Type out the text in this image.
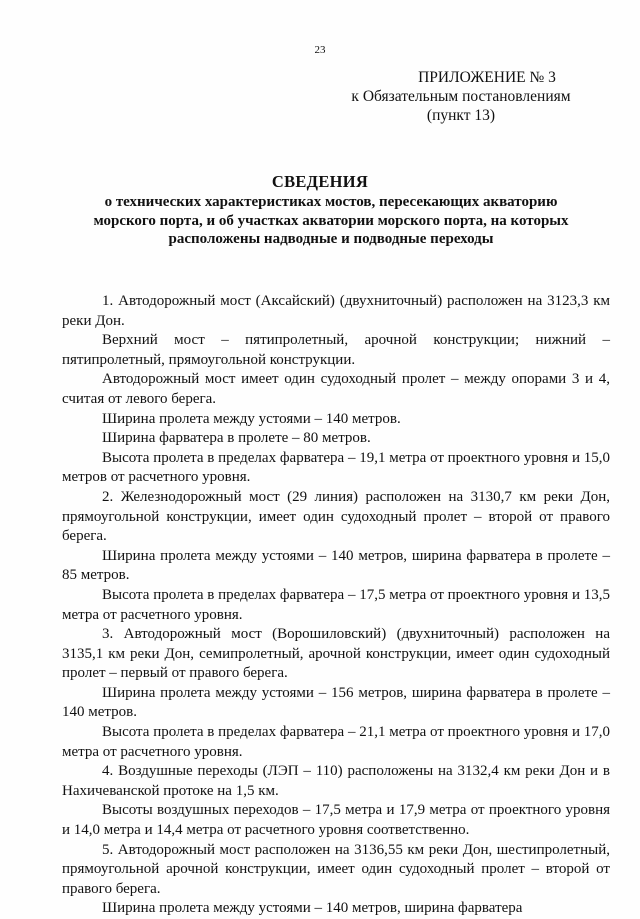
23
ПРИЛОЖЕНИЕ № 3
к Обязательным постановлениям
(пункт 13)
СВЕДЕНИЯ
о технических характеристиках мостов, пересекающих акваторию морского порта, и об участках акватории морского порта, на которых расположены надводные и подводные переходы

1. Автодорожный мост (Аксайский) (двухниточный) расположен на 3123,3 км реки Дон.

Верхний мост – пятипролетный, арочной конструкции; нижний – пятипролетный, прямоугольной конструкции.

Автодорожный мост имеет один судоходный пролет – между опорами 3 и 4, считая от левого берега.

Ширина пролета между устоями – 140 метров.

Ширина фарватера в пролете – 80 метров.

Высота пролета в пределах фарватера – 19,1 метра от проектного уровня и 15,0 метров от расчетного уровня.

2. Железнодорожный мост (29 линия) расположен на 3130,7 км реки Дон, прямоугольной конструкции, имеет один судоходный пролет – второй от правого берега.

Ширина пролета между устоями – 140 метров, ширина фарватера в пролете – 85 метров.

Высота пролета в пределах фарватера – 17,5 метра от проектного уровня и 13,5 метра от расчетного уровня.

3. Автодорожный мост (Ворошиловский) (двухниточный) расположен на 3135,1 км реки Дон, семипролетный, арочной конструкции, имеет один судоходный пролет – первый от правого берега.

Ширина пролета между устоями – 156 метров, ширина фарватера в пролете – 140 метров.

Высота пролета в пределах фарватера – 21,1 метра от проектного уровня и 17,0 метра от расчетного уровня.

4. Воздушные переходы (ЛЭП – 110) расположены на 3132,4 км реки Дон и в Нахичеванской протоке на 1,5 км.

Высоты воздушных переходов – 17,5 метра и 17,9 метра от проектного уровня и 14,0 метра и 14,4 метра от расчетного уровня соответственно.

5. Автодорожный мост расположен на 3136,55 км реки Дон, шестипролетный, прямоугольной арочной конструкции, имеет один судоходный пролет – второй от правого берега.

Ширина пролета между устоями – 140 метров, ширина фарватера
